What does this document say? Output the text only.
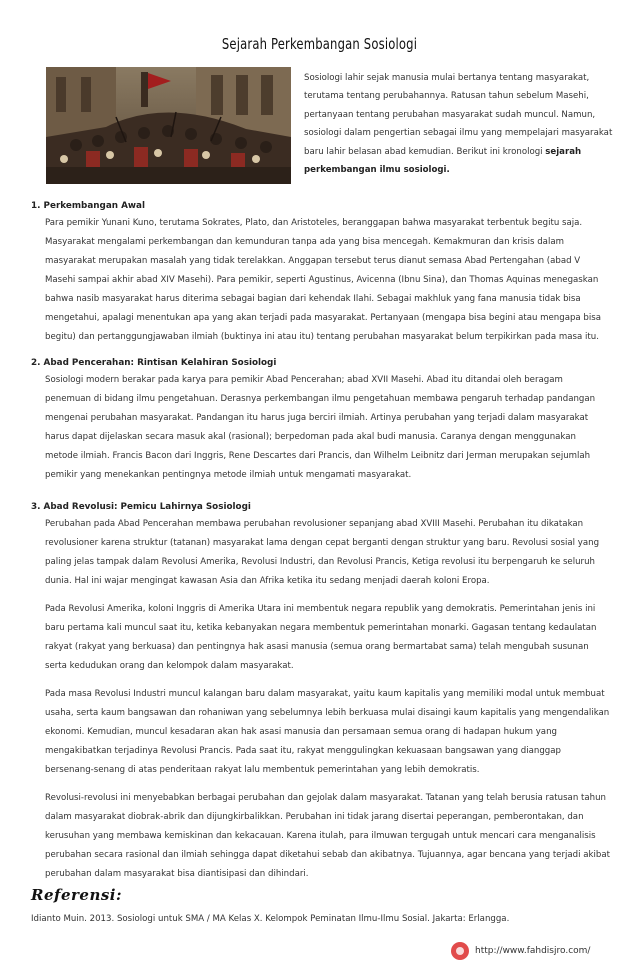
Sejarah Perkembangan Sosiologi
Sosiologi lahir sejak manusia mulai bertanya tentang masyarakat, terutama tentang perubahannya. Ratusan tahun sebelum Masehi, pertanyaan tentang perubahan masyarakat sudah muncul. Namun, sosiologi dalam pengertian sebagai ilmu yang mempelajari masyarakat baru lahir belasan abad kemudian. Berikut ini kronologi sejarah perkembangan ilmu sosiologi.
1. Perkembangan Awal

Para pemikir Yunani Kuno, terutama Sokrates, Plato, dan Aristoteles, beranggapan bahwa masyarakat terbentuk begitu saja. Masyarakat mengalami perkembangan dan kemunduran tanpa ada yang bisa mencegah. Kemakmuran dan krisis dalam masyarakat merupakan masalah yang tidak terelakkan. Anggapan tersebut terus dianut semasa Abad Pertengahan (abad V Masehi sampai akhir abad XIV Masehi). Para pemikir, seperti Agustinus, Avicenna (Ibnu Sina), dan Thomas Aquinas menegaskan bahwa nasib masyarakat harus diterima sebagai bagian dari kehendak Ilahi. Sebagai makhluk yang fana manusia tidak bisa mengetahui, apalagi menentukan apa yang akan terjadi pada masyarakat. Pertanyaan (mengapa bisa begini atau mengapa bisa begitu) dan pertanggungjawaban ilmiah (buktinya ini atau itu) tentang perubahan masyarakat belum terpikirkan pada masa itu.

2. Abad Pencerahan: Rintisan Kelahiran Sosiologi

Sosiologi modern berakar pada karya para pemikir Abad Pencerahan; abad XVII Masehi. Abad itu ditandai oleh beragam penemuan di bidang ilmu pengetahuan. Derasnya perkembangan ilmu pengetahuan membawa pengaruh terhadap pandangan mengenai perubahan masyarakat. Pandangan itu harus juga berciri ilmiah. Artinya perubahan yang terjadi dalam masyarakat harus dapat dijelaskan secara masuk akal (rasional); berpedoman pada akal budi manusia. Caranya dengan menggunakan metode ilmiah. Francis Bacon dari Inggris, Rene Descartes dari Prancis, dan Wilhelm Leibnitz dari Jerman merupakan sejumlah pemikir yang menekankan pentingnya metode ilmiah untuk mengamati masyarakat.

3. Abad Revolusi: Pemicu Lahirnya Sosiologi

Perubahan pada Abad Pencerahan membawa perubahan revolusioner sepanjang abad XVIII Masehi. Perubahan itu dikatakan revolusioner karena struktur (tatanan) masyarakat lama dengan cepat berganti dengan struktur yang baru. Revolusi sosial yang paling jelas tampak dalam Revolusi Amerika, Revolusi Industri, dan Revolusi Prancis, Ketiga revolusi itu berpengaruh ke seluruh dunia. Hal ini wajar mengingat kawasan Asia dan Afrika ketika itu sedang menjadi daerah koloni Eropa.

Pada Revolusi Amerika, koloni Inggris di Amerika Utara ini membentuk negara republik yang demokratis. Pemerintahan jenis ini baru pertama kali muncul saat itu, ketika kebanyakan negara membentuk pemerintahan monarki. Gagasan tentang kedaulatan rakyat (rakyat yang berkuasa) dan pentingnya hak asasi manusia (semua orang bermartabat sama) telah mengubah susunan serta kedudukan orang dan kelompok dalam masyarakat.

Pada masa Revolusi Industri muncul kalangan baru dalam masyarakat, yaitu kaum kapitalis yang memiliki modal untuk membuat usaha, serta kaum bangsawan dan rohaniwan yang sebelumnya lebih berkuasa mulai disaingi kaum kapitalis yang mengendalikan ekonomi. Kemudian, muncul kesadaran akan hak asasi manusia dan persamaan semua orang di hadapan hukum yang mengakibatkan terjadinya Revolusi Prancis. Pada saat itu, rakyat menggulingkan kekuasaan bangsawan yang dianggap bersenang-senang di atas penderitaan rakyat lalu membentuk pemerintahan yang lebih demokratis.

Revolusi-revolusi ini menyebabkan berbagai perubahan dan gejolak dalam masyarakat. Tatanan yang telah berusia ratusan tahun dalam masyarakat diobrak-abrik dan dijungkirbalikkan. Perubahan ini tidak jarang disertai peperangan, pemberontakan, dan kerusuhan yang membawa kemiskinan dan kekacauan. Karena itulah, para ilmuwan tergugah untuk mencari cara menganalisis perubahan secara rasional dan ilmiah sehingga dapat diketahui sebab dan akibatnya. Tujuannya, agar bencana yang terjadi akibat perubahan dalam masyarakat bisa diantisipasi dan dihindari.

Referensi:
Idianto Muin. 2013. Sosiologi untuk SMA / MA Kelas X. Kelompok Peminatan Ilmu-Ilmu Sosial. Jakarta: Erlangga.
http://www.fahdisjro.com/
